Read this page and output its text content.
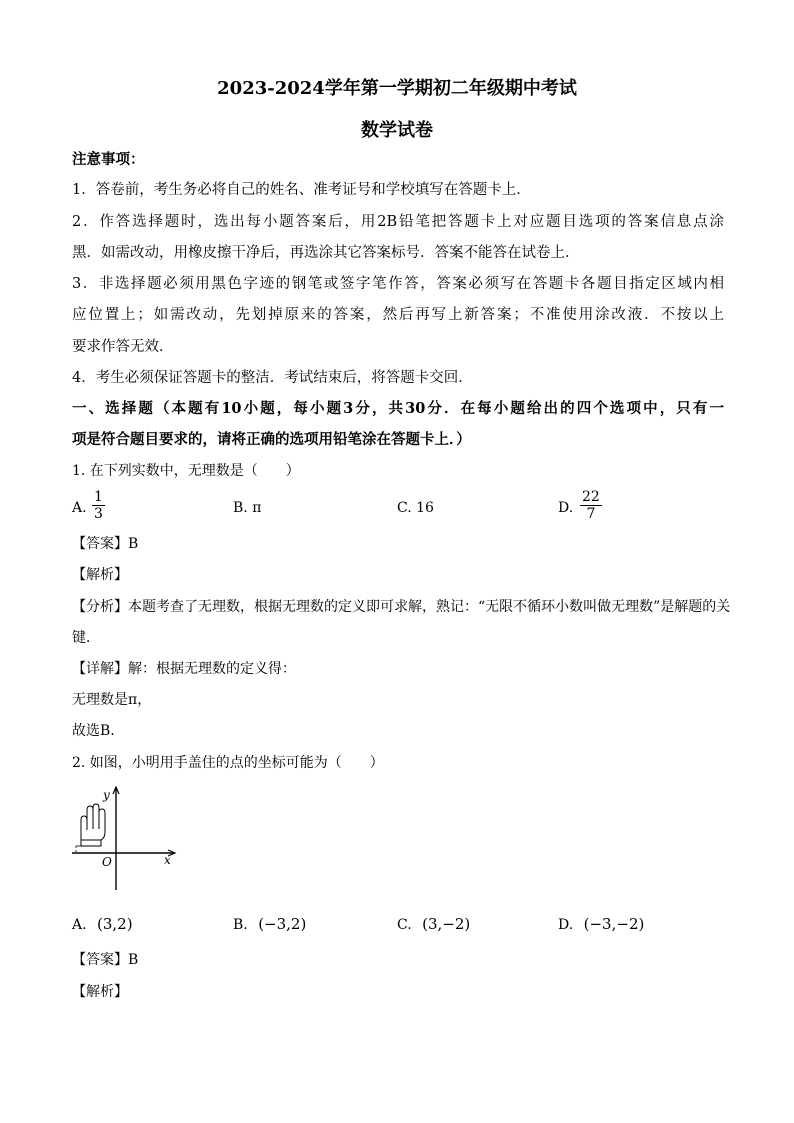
2023-2024学年第一学期初二年级期中考试
数学试卷
注意事项：
1．答卷前，考生务必将自己的姓名、准考证号和学校填写在答题卡上．
2．作答选择题时，选出每小题答案后，用2B铅笔把答题卡上对应题目选项的答案信息点涂
黑．如需改动，用橡皮擦干净后，再选涂其它答案标号．答案不能答在试卷上．
3．非选择题必须用黑色字迹的钢笔或签字笔作答，答案必须写在答题卡各题目指定区域内相
应位置上；如需改动，先划掉原来的答案，然后再写上新答案；不准使用涂改液．不按以上
要求作答无效．
4．考生必须保证答题卡的整洁．考试结束后，将答题卡交回．
一、选择题（本题有10小题，每小题3分，共30分．在每小题给出的四个选项中，只有一
项是符合题目要求的，请将正确的选项用铅笔涂在答题卡上．）
1. 在下列实数中，无理数是（　　）
A.
1
3	B. π	C. 16	D.
22
7
【答案】B
【解析】
【分析】本题考查了无理数，根据无理数的定义即可求解，熟记：“无限不循环小数叫做无理数”是解题的关
键．
【详解】解：根据无理数的定义得：
无理数是π，
故选B．
2. 如图，小明用手盖住的点的坐标可能为（　　）
y
x
O
A. (3,2)	B. (−3,2)	C. (3,−2)	D. (−3,−2)
【答案】B
【解析】
